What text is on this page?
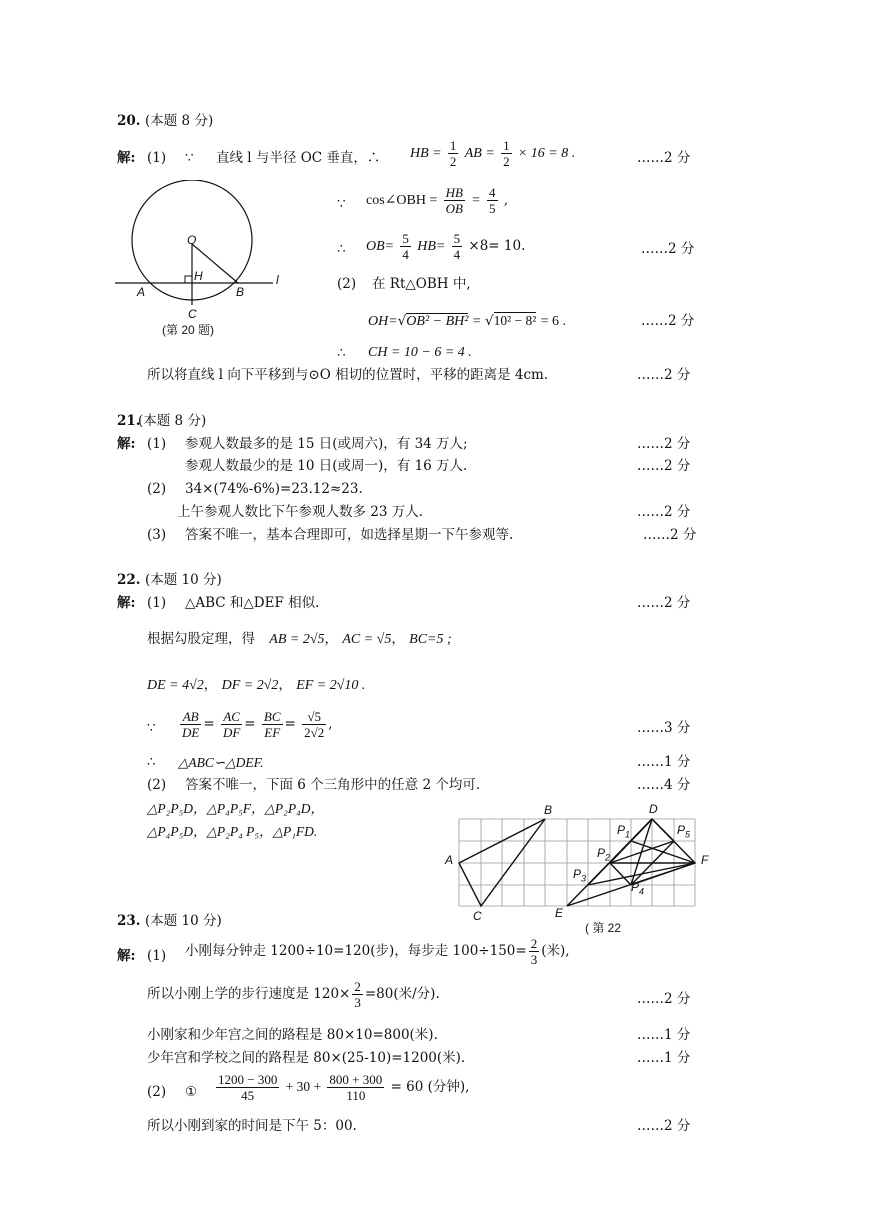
20. (本题 8 分)
解: (1) ∵ 直线 l 与半径 OC 垂直，∴ HB = $\frac{1}{2}$ AB = $\frac{1}{2} \times 16 = 8$ .	……2 分
∵ cos∠OBH = $\frac{HB}{OB} = \frac{4}{5}$ ,
∴ $OB= \frac{5}{4} HB= \frac{5}{4} \times 8= 10$.	……2 分
(2) 在 Rt△OBH 中,
OH=√OB² − BH² = √10² − 8² = 6 .	……2 分
∴ CH = 10 − 6 = 4 .
所以将直线 l 向下平移到与⊙O 相切的位置时，平移的距离是 4cm.	……2 分
O
H
A	B
C
l
(第 20 题)
21.
(本题 8 分)
解: (1) 参观人数最多的是 15 日(或周六)，有 34 万人;	……2 分
参观人数最少的是 10 日(或周一)，有 16 万人.	……2 分
(2) 34×(74%-6%)=23.12≈23.
上午参观人数比下午参观人数多 23 万人.	……2 分
(3) 答案不唯一，基本合理即可，如选择星期一下午参观等.	……2 分
22. (本题 10 分)
解: (1) △ABC 和△DEF 相似.	……2 分
根据勾股定理，得 AB = 2√5， AC = √5， BC=5 ;
DE = 4√2， DF = 2√2， EF = 2√10 .
∵ $\frac{AB}{DE} = \frac{AC}{DF} = \frac{BC}{EF} = \frac{√5}{2√2}$ ,	……3 分
∴ △ABC∽△DEF.	……1 分
(2) 答案不唯一，下面 6 个三角形中的任意 2 个均可.	……4 分
△P₂P₅D，△P₄P₅F，△P₂P₄D，
△P₄P₅D，△P₂P₄ P₅，△P₁FD.
B
A
C
D
E
F
$P_1$
$P_2$
$P_3$
$P_4$
$P_5$
( 第 22
23. (本题 10 分)
解: (1) 小刚每分钟走 1200÷10=120(步)，每步走 $100\div 150= \frac{2}{3}$ (米),
所以小刚上学的步行速度是 $120\times \frac{2}{3} =80$(米/分).	……2 分
小刚家和少年宫之间的路程是 80×10=800(米).	……1 分
少年宫和学校之间的路程是 80×(25-10)=1200(米).	……1 分
(2) ① $\frac{1200 - 300}{45} + 30 + \frac{800 + 300}{110} = 60$ (分钟),
所以小刚到家的时间是下午 5：00.	……2 分
